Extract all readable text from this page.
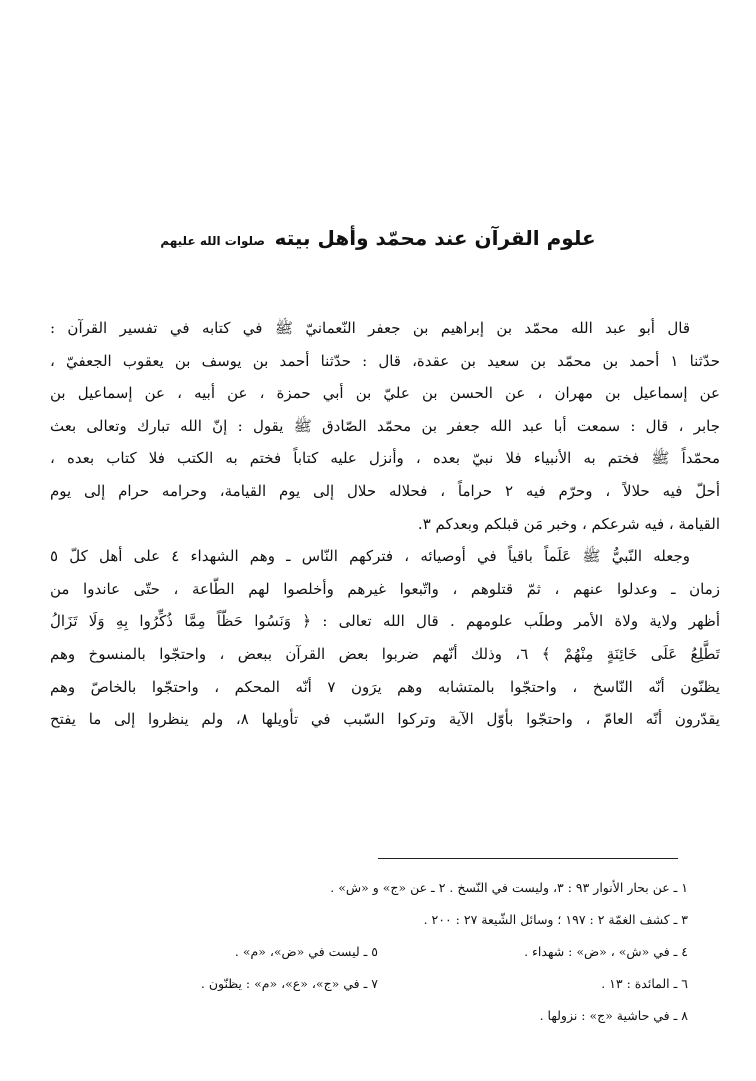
علوم القرآن عند محمّد وأهل بيته صلوات الله عليهم
قال أبو عبد الله محمّد بن إبراهيم بن جعفر النّعمانيّ ﷺ في كتابه في تفسير القرآن :
حدّثنا ١ أحمد بن محمّد بن سعيد بن عقدة، قال : حدّثنا أحمد بن يوسف بن يعقوب الجعفيّ ،
عن إسماعيل بن مهران ، عن الحسن بن عليّ بن أبي حمزة ، عن أبيه ، عن إسماعيل بن
جابر ، قال : سمعت أبا عبد الله جعفر بن محمّد الصّادق ﷺ يقول : إنّ الله تبارك وتعالى بعث
محمّداً ﷺ فختم به الأنبياء فلا نبيّ بعده ، وأنزل عليه كتاباً فختم به الكتب فلا كتاب بعده ،
أحلّ فيه حلالاً ، وحرّم فيه ٢ حراماً ، فحلاله حلال إلى يوم القيامة، وحرامه حرام إلى يوم
القيامة ، فيه شرعكم ، وخبر مَن قبلكم وبعدكم ٣.
وجعله النّبيُّ ﷺ عَلَماً باقياً في أوصيائه ، فتركهم النّاس ـ وهم الشهداء ٤ على أهل كلّ ٥
زمان ـ وعدلوا عنهم ، ثمّ قتلوهم ، واتّبعوا غيرهم وأخلصوا لهم الطّاعة ، حتّى عاندوا من
أظهر ولاية ولاة الأمر وطلَب علومهم . قال الله تعالى : ﴿ وَنَسُوا حَظّاً مِمَّا ذُكِّرُوا بِهِ وَلَا تَزَالُ
تَطَّلِعُ عَلَى خَائِنَةٍ مِنْهُمْ ﴾ ٦، وذلك أنّهم ضربوا بعض القرآن ببعض ، واحتجّوا بالمنسوخ وهم
يظنّون أنّه النّاسخ ، واحتجّوا بالمتشابه وهم يرَون ٧ أنّه المحكم ، واحتجّوا بالخاصّ وهم
يقدّرون أنّه العامّ ، واحتجّوا بأوّل الآية وتركوا السّبب في تأويلها ٨، ولم ينظروا إلى ما يفتح
١ ـ عن بحار الأنوار ٩٣ : ٣، وليست في النّسخ . ٢ ـ عن «ج» و «ش» .
٣ ـ كشف الغمّة ٢ : ١٩٧ ؛ وسائل الشّيعة ٢٧ : ٢٠٠ .
٤ ـ في «ش» ، «ض» : شهداء .٥ ـ ليست في «ض»، «م» .
٦ ـ المائدة : ١٣ .٧ ـ في «ج»، «ع»، «م» : يظنّون .
٨ ـ في حاشية «ج» : نزولها .
